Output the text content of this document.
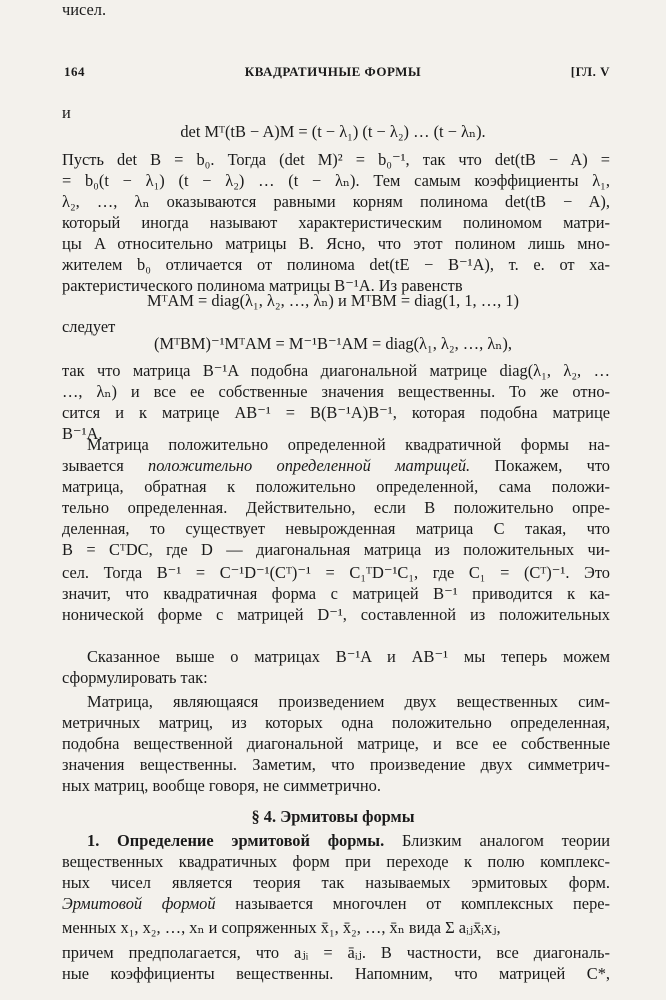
164	КВАДРАТИЧНЫЕ ФОРМЫ	[ГЛ. V
и
det Mᵀ(tB − A)M = (t − λ₁) (t − λ₂) … (t − λₙ).
Пусть det B = b₀. Тогда (det M)² = b₀⁻¹, так что det(tB − A) =
= b₀(t − λ₁) (t − λ₂) … (t − λₙ). Тем самым коэффициенты λ₁,
λ₂, …, λₙ оказываются равными корням полинома det(tB − A),
который иногда называют характеристическим полиномом матри-
цы A относительно матрицы B. Ясно, что этот полином лишь мно-
жителем b₀ отличается от полинома det(tE − B⁻¹A), т. е. от ха-
рактеристического полинома матрицы B⁻¹A. Из равенств
MᵀAM = diag(λ₁, λ₂, …, λₙ) и MᵀBM = diag(1, 1, …, 1)
следует
(MᵀBM)⁻¹MᵀAM = M⁻¹B⁻¹AM = diag(λ₁, λ₂, …, λₙ),
так что матрица B⁻¹A подобна диагональной матрице diag(λ₁, λ₂, …
…, λₙ) и все ее собственные значения вещественны. То же отно-
сится и к матрице AB⁻¹ = B(B⁻¹A)B⁻¹, которая подобна матрице
B⁻¹A.
Матрица положительно определенной квадратичной формы на-
зывается положительно определенной матрицей. Покажем, что
матрица, обратная к положительно определенной, сама положи-
тельно определенная. Действительно, если B положительно опре-
деленная, то существует невырожденная матрица C такая, что
B = CᵀDC, где D — диагональная матрица из положительных чи-
сел. Тогда B⁻¹ = C⁻¹D⁻¹(Cᵀ)⁻¹ = C₁ᵀD⁻¹C₁, где C₁ = (Cᵀ)⁻¹. Это
значит, что квадратичная форма с матрицей B⁻¹ приводится к ка-
нонической форме с матрицей D⁻¹, составленной из положительных
чисел.
Сказанное выше о матрицах B⁻¹A и AB⁻¹ мы теперь можем
сформулировать так:
Матрица, являющаяся произведением двух вещественных сим-
метричных матриц, из которых одна положительно определенная,
подобна вещественной диагональной матрице, и все ее собственные
значения вещественны. Заметим, что произведение двух симметрич-
ных матриц, вообще говоря, не симметрично.
§ 4. Эрмитовы формы
1. Определение эрмитовой формы. Близким аналогом теории
вещественных квадратичных форм при переходе к полю комплекс-
ных чисел является теория так называемых эрмитовых форм.
Эрмитовой формой называется многочлен от комплексных пере-
менных x₁, x₂, …, xₙ и сопряженных x̄₁, x̄₂, …, x̄ₙ вида Σ aᵢⱼx̄ᵢxⱼ,
причем предполагается, что aⱼᵢ = āᵢⱼ. В частности, все диагональ-
ные коэффициенты вещественны. Напомним, что матрицей C*,
